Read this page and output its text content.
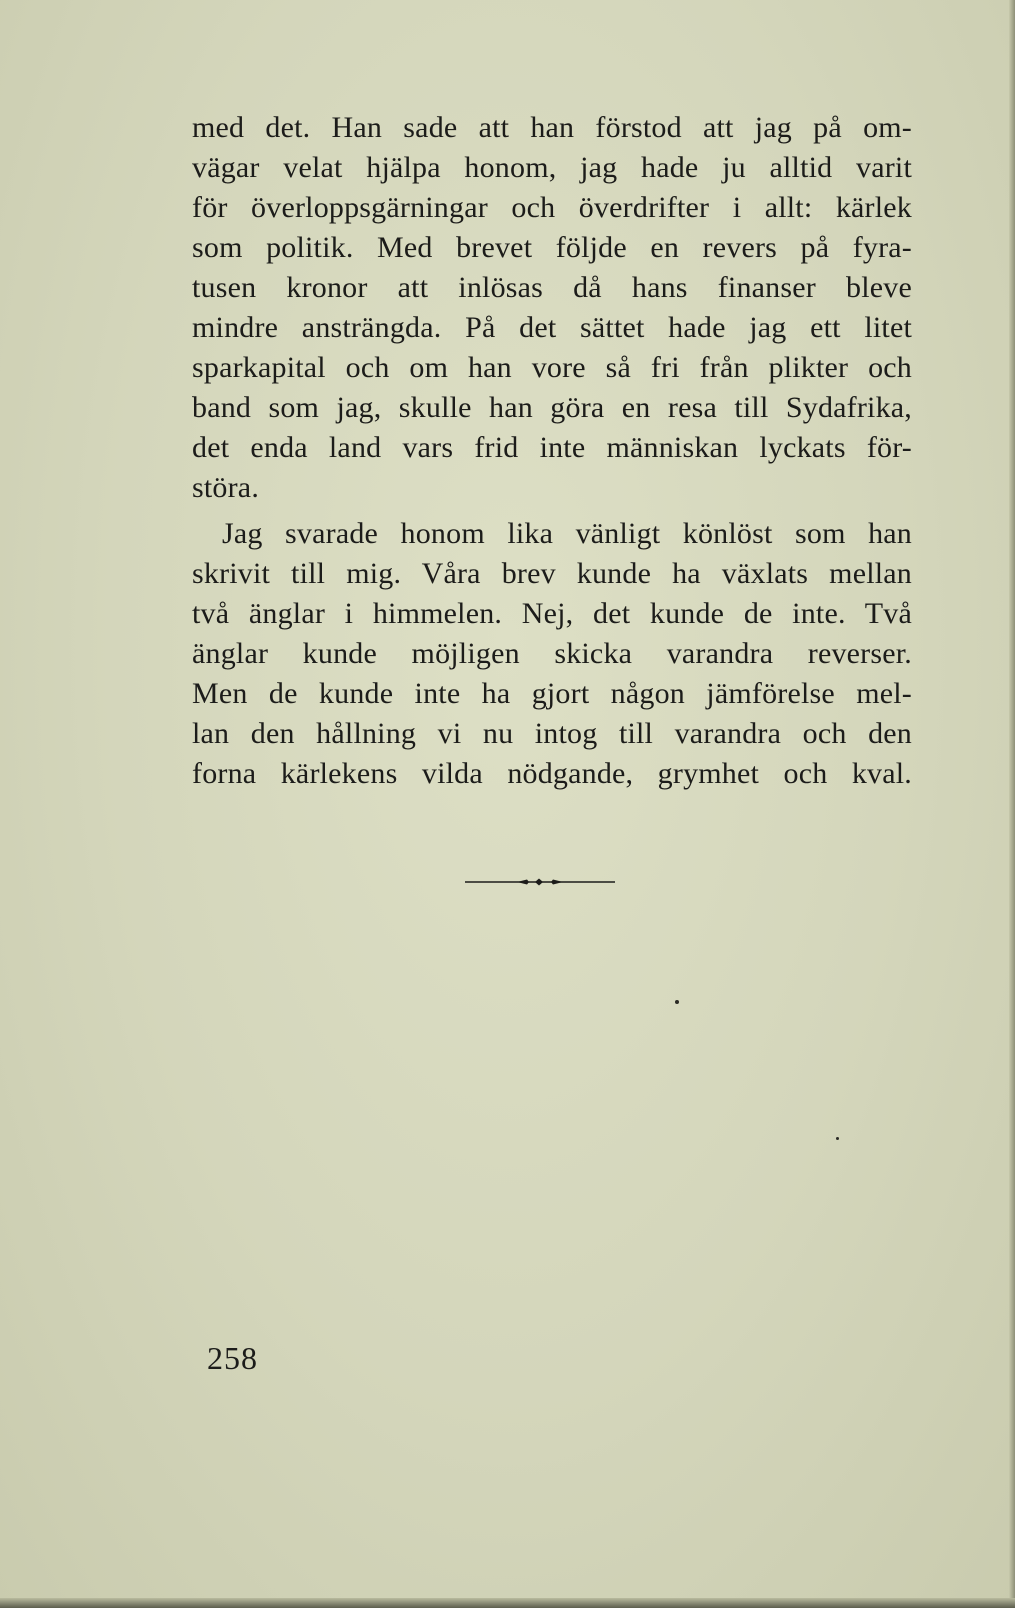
med det. Han sade att han förstod att jag på om-
vägar velat hjälpa honom, jag hade ju alltid varit
för överloppsgärningar och överdrifter i allt: kärlek
som politik. Med brevet följde en revers på fyra-
tusen kronor att inlösas då hans finanser bleve
mindre ansträngda. På det sättet hade jag ett litet
sparkapital och om han vore så fri från plikter och
band som jag, skulle han göra en resa till Sydafrika,
det enda land vars frid inte människan lyckats för-
störa.
Jag svarade honom lika vänligt könlöst som han
skrivit till mig. Våra brev kunde ha växlats mellan
två änglar i himmelen. Nej, det kunde de inte. Två
änglar kunde möjligen skicka varandra reverser.
Men de kunde inte ha gjort någon jämförelse mel-
lan den hållning vi nu intog till varandra och den
forna kärlekens vilda nödgande, grymhet och kval.
258
